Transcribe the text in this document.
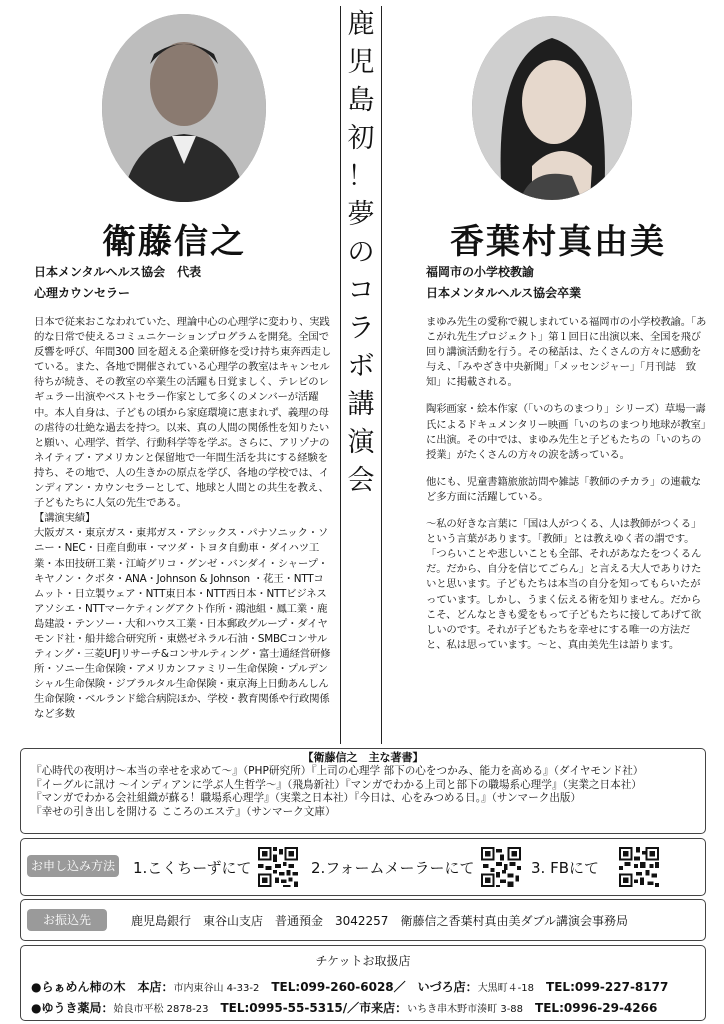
衛藤信之
日本メンタルヘルス協会　代表
心理カウンセラー

日本で従来おこなわれていた、理論中心の心理学に変わり、実践的な日常で使えるコミュニケーションプログラムを開発。全国で反響を呼び、年間300 回を超える企業研修を受け持ち東奔西走している。また、各地で開催されている心理学の教室はキャンセル待ちが続き、その教室の卒業生の活躍も日覚ましく、テレビのレギュラー出演やベストセラー作家として多くのメンバーが活躍中。本人自身は、子どもの頃から家庭環境に恵まれず、義理の母の虐待の壮絶な過去を持つ。以来、真の人間の関係性を知りたいと願い、心理学、哲学、行動科学等を学ぶ。さらに、アリゾナのネイティブ・アメリカンと保留地で一年間生活を共にする経験を持ち、その地で、人の生きかの原点を学び、各地の学校では、インディアン・カウンセラーとして、地球と人間との共生を教え、子どもたちに人気の先生である。

【講演実績】

大阪ガス・東京ガス・東邦ガス・アシックス・パナソニック・ソニー・NEC・日産自動車・マツダ・トヨタ自動車・ダイハツ工業・本田技研工業・江崎グリコ・グンゼ・バンダイ・シャープ・キヤノン・クボタ・ANA・Johnson & Johnson ・花王・NTTコムット・日立製ウェア・NTT東日本・NTT西日本・NTTビジネスアソシエ・NTTマーケティングアクト作所・鴻池組・鳳工業・鹿島建設・テンソー・大和ハウス工業・日本郵政グループ・ダイヤモンド社・船井総合研究所・東燃ゼネラル石油・SMBCコンサルティング・三菱UFJリサーチ&コンサルティング・富士通経営研修所・ソニー生命保険・アメリカンファミリー生命保険・プルデンシャル生命保険・ジブラルタル生命保険・東京海上日動あんしん生命保険・ベルランド総合病院ほか、学校・教育関係や行政関係など多数

鹿
児
島
初
！
夢
の
コ
ラ
ボ
講
演
会
香葉村真由美
福岡市の小学校教諭
日本メンタルヘルス協会卒業

まゆみ先生の愛称で親しまれている福岡市の小学校教諭。「あこがれ先生プロジェクト」第１回日に出演以来、全国を飛び回り講演活動を行う。その秘話は、たくさんの方々に感動を与え、「みやざき中央新聞」「メッセンジャー」「月刊誌　致知」に掲載される。

陶彩画家・絵本作家（「いのちのまつり」シリーズ）草場一壽氏によるドキュメンタリー映画「いのちのまつり地球が教室」に出演。その中では、まゆみ先生と子どもたちの「いのちの授業」がたくさんの方々の涙を誘っている。

他にも、児童書籍旅旅訪問や雑誌「教師のチカラ」の連載など多方面に活躍している。

～私の好きな言葉に「国は人がつくる、人は教師がつくる」という言葉があります。「教師」とは教えゆく者の謂です。「つらいことや悲しいことも全部、それがあなたをつくるんだ。だから、自分を信じてごらん」と言える大人でありけたいと思います。子どもたちは本当の自分を知ってもらいたがっています。しかし、うまく伝える術を知りません。だからこそ、どんなときも愛をもって子どもたちに接してあげて欲しいのです。それが子どもたちを幸せにする唯一の方法だと、私は思っています。～と、真由美先生は語ります。

【衛藤信之　主な著書】
『心時代の夜明け～本当の幸せを求めて～』（PHP研究所）『上司の心理学 部下の心をつかみ、能力を高める』（ダイヤモンド社）
『イーグルに訊け ～インディアンに学ぶ人生哲学～』（飛鳥新社）『マンガでわかる上司と部下の職場系心理学』（実業之日本社）
『マンガでわかる会社組織が蘇る！職場系心理学』（実業之日本社）『今日は、心をみつめる日。』（サンマーク出版）
『幸せの引き出しを開ける こころのエステ』（サンマーク文庫）
お申し込み方法 1.こくちーずにて	2.フォームメーラーにて	3. FBにて
お振込先	鹿児島銀行　東谷山支店　普通預金　3042257　衛藤信之香葉村真由美ダブル講演会事務局
チケットお取扱店
●らぁめん柿の木　本店：市内東谷山 4-33-2　 TEL:099-260-6028／　 いづろ店：大黒町４-18　 TEL:099-227-8177
●ゆうき薬局：姶良市平松 2878-23　 TEL:0995-55-5315/／市来店：いちき串木野市湊町 3-88　 TEL:0996-29-4266
